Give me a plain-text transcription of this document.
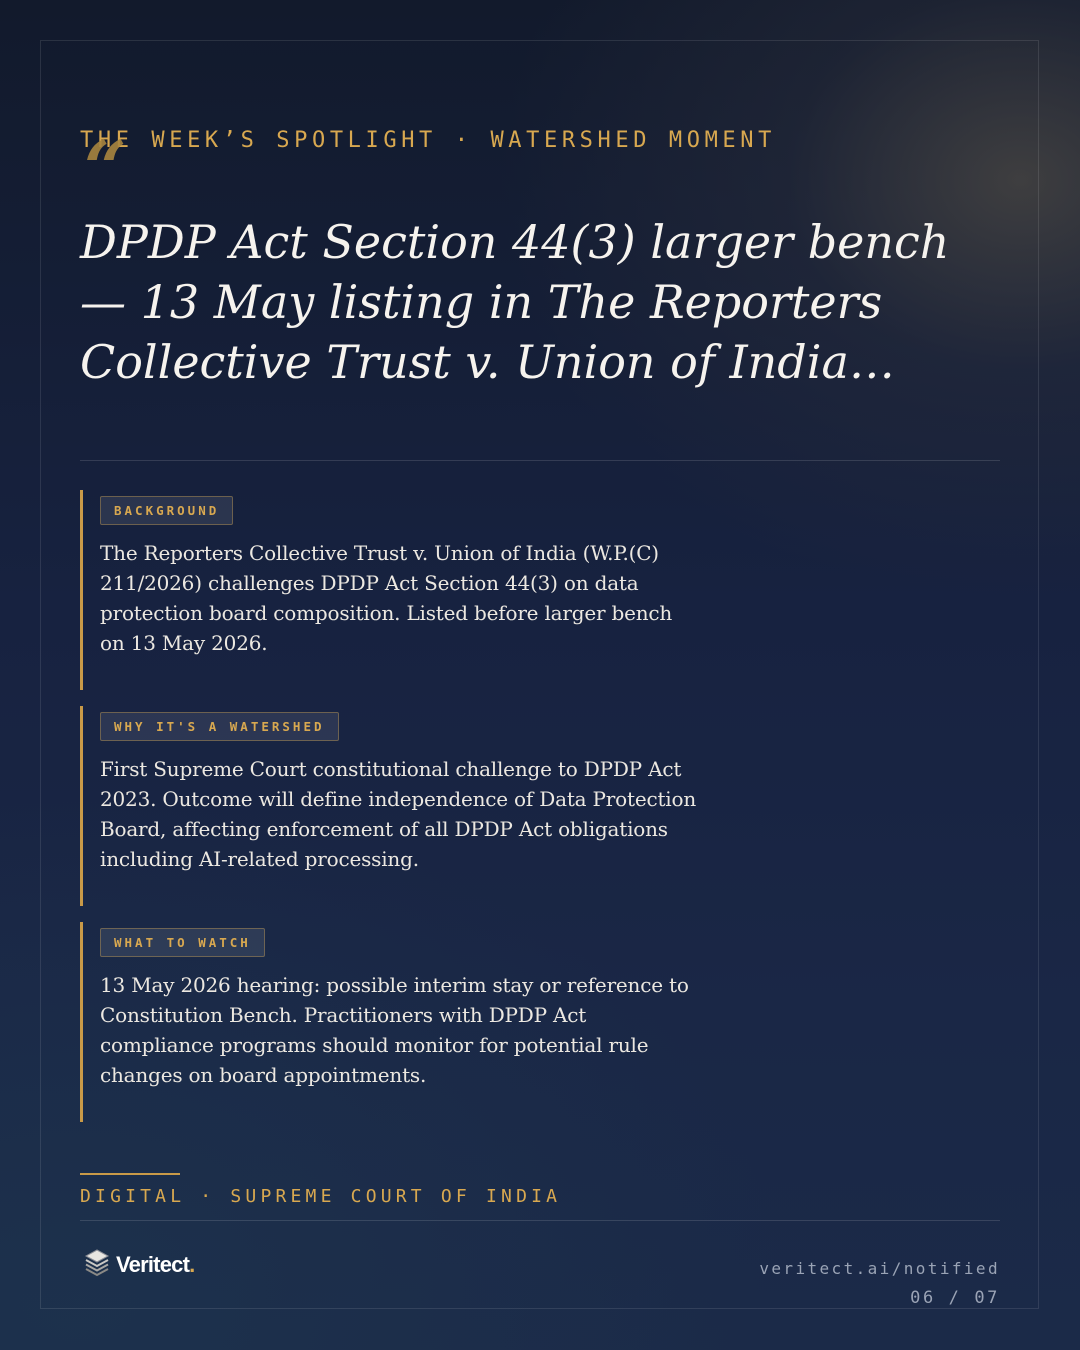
THE WEEK’S SPOTLIGHT · WATERSHED MOMENT
“
DPDP Act Section 44(3) larger bench — 13 May listing in The Reporters Collective Trust v. Union of India…
BACKGROUND

The Reporters Collective Trust v. Union of India (W.P.(C) 211/2026) challenges DPDP Act Section 44(3) on data protection board composition. Listed before larger bench on 13 May 2026.

WHY IT'S A WATERSHED

First Supreme Court constitutional challenge to DPDP Act 2023. Outcome will define independence of Data Protection Board, affecting enforcement of all DPDP Act obligations including AI-related processing.

WHAT TO WATCH

13 May 2026 hearing: possible interim stay or reference to Constitution Bench. Practitioners with DPDP Act compliance programs should monitor for potential rule changes on board appointments.

DIGITAL · SUPREME COURT OF INDIA
Veritect.	veritect.ai/notified
06 / 07
